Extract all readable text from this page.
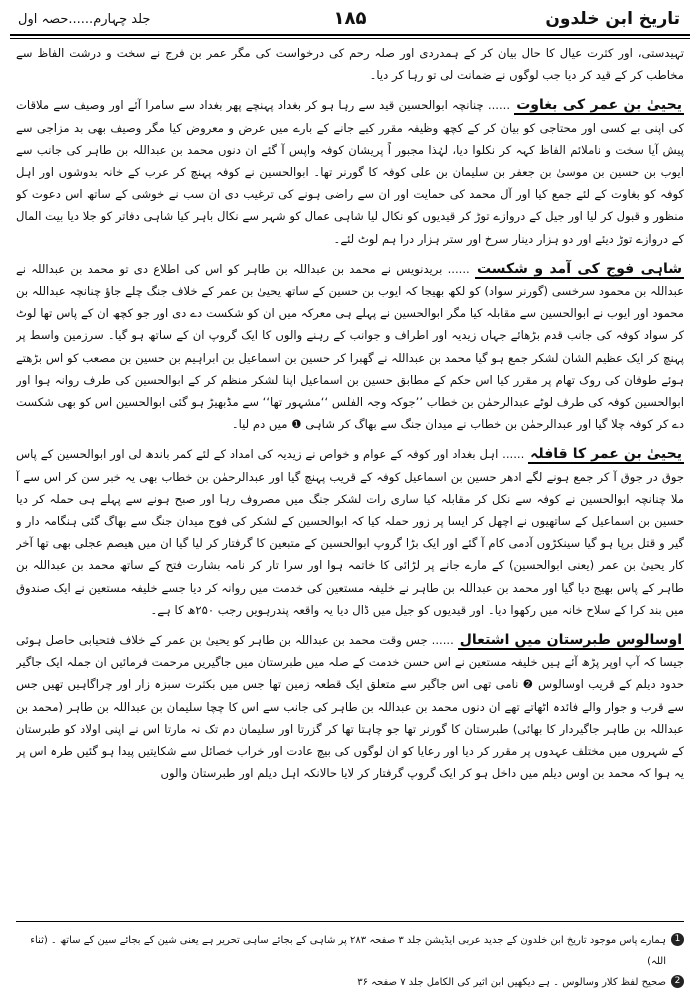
جلد چہارم......حصہ اول	۱۸۵	تاریخ ابن خلدون

تہیدستی، اور کثرت عیال کا حال بیان کر کے ہمدردی اور صلہ رحم کی درخواست کی مگر عمر بن فرج نے سخت و درشت الفاظ سے مخاطب کر کے قید کر دیا جب لوگوں نے ضمانت لی تو رہا کر دیا۔

یحییٰ بن عمر کی بغاوت ...... چنانچہ ابوالحسین قید سے رہا ہو کر بغداد پہنچے پھر بغداد سے سامرا آئے اور وصیف سے ملاقات کی اپنی بے کسی اور محتاجی کو بیان کر کے کچھ وظیفہ مقرر کیے جانے کے بارے میں عرض و معروض کیا مگر وصیف بھی بد مزاجی سے پیش آیا سخت و ناملائم الفاظ کہہ کر نکلوا دیا، لہٰذا مجبور اً پریشان کوفہ واپس آ گئے ان دنوں محمد بن عبداللہ بن طاہر کی جانب سے ایوب بن حسین بن موسیٰ بن جعفر بن سلیمان بن علی کوفہ کا گورنر تھا۔ ابوالحسین نے کوفہ پہنچ کر عرب کے خانہ بدوشوں اور اہل کوفہ کو بغاوت کے لئے جمع کیا اور آل محمد کی حمایت اور ان سے راضی ہونے کی ترغیب دی ان سب نے خوشی کے ساتھ اس دعوت کو منظور و قبول کر لیا اور جیل کے دروازے توڑ کر قیدیوں کو نکال لیا شاہی عمال کو شہر سے نکال باہر کیا شاہی دفاتر کو جلا دیا بیت المال کے دروازے توڑ دیئے اور دو ہزار دینار سرخ اور ستر ہزار درا ہم لوٹ لئے۔

شاہی فوج کی آمد و شکست ...... بریدنویس نے محمد بن عبداللہ بن طاہر کو اس کی اطلاع دی تو محمد بن عبداللہ نے عبداللہ بن محمود سرخسی (گورنر سواد) کو لکھ بھیجا کہ ایوب بن حسین کے ساتھ یحییٰ بن عمر کے خلاف جنگ چلے جاؤ چنانچہ عبداللہ بن محمود اور ایوب نے ابوالحسین سے مقابلہ کیا مگر ابوالحسین نے پہلے ہی معرکہ میں ان کو شکست دے دی اور جو کچھ ان کے پاس تھا لوٹ کر سواد کوفہ کی جانب قدم بڑھائے جہاں زیدیہ اور اطراف و جوانب کے رہنے والوں کا ایک گروپ ان کے ساتھ ہو گیا۔ سرزمین واسط پر پہنچ کر ایک عظیم الشان لشکر جمع ہو گیا محمد بن عبداللہ نے گھبرا کر حسین بن اسماعیل بن ابراہیم بن حسین بن مصعب کو اس بڑھتے ہوئے طوفان کی روک تھام پر مقرر کیا اس حکم کے مطابق حسین بن اسماعیل اپنا لشکر منظم کر کے ابوالحسین کی طرف روانہ ہوا اور ابوالحسین کوفہ کی طرف لوٹے عبدالرحمٰن بن خطاب ’’جوکہ وجہ الفلس ‘‘مشہور تھا‘‘ سے مڈبھیڑ ہو گئی ابوالحسین اس کو بھی شکست دے کر کوفہ چلا گیا اور عبدالرحمٰن بن خطاب نے میدان جنگ سے بھاگ کر شاہی ❶ میں دم لیا۔

یحییٰ بن عمر کا قافلہ ...... اہل بغداد اور کوفہ کے عوام و خواص نے زیدیہ کی امداد کے لئے کمر باندھ لی اور ابوالحسین کے پاس جوق در جوق آ کر جمع ہونے لگے ادھر حسین بن اسماعیل کوفہ کے قریب پہنچ گیا اور عبدالرحمٰن بن خطاب بھی یہ خبر سن کر اس سے آ ملا چنانچہ ابوالحسین نے کوفہ سے نکل کر مقابلہ کیا ساری رات لشکر جنگ میں مصروف رہا اور صبح ہونے سے پہلے ہی حملہ کر دیا حسین بن اسماعیل کے ساتھیوں نے اچھل کر ایسا پر زور حملہ کیا کہ ابوالحسین کے لشکر کی فوج میدان جنگ سے بھاگ گئی ہنگامہ دار و گیر و قتل برپا ہو گیا سینکڑوں آدمی کام آ گئے اور ایک بڑا گروپ ابوالحسین کے متبعین کا گرفتار کر لیا گیا ان میں ھیصم عجلی بھی تھا آخر کار یحییٰ بن عمر (یعنی ابوالحسین) کے مارے جانے پر لڑائی کا خاتمہ ہوا اور سرا تار کر نامہ بشارت فتح کے ساتھ محمد بن عبداللہ بن طاہر کے پاس بھیج دیا گیا اور محمد بن عبداللہ بن طاہر نے خلیفہ مستعین کی خدمت میں روانہ کر دیا جسے خلیفہ مستعین نے ایک صندوق میں بند کرا کے سلاح خانہ میں رکھوا دیا۔ اور قیدیوں کو جیل میں ڈال دیا یہ واقعہ پندرہویں رجب ۲۵۰ھ کا ہے۔

اوسالوس طبرستان میں اشتعال ...... جس وقت محمد بن عبداللہ بن طاہر کو یحییٰ بن عمر کے خلاف فتحیابی حاصل ہوئی جیسا کہ آپ اوپر پڑھ آئے ہیں خلیفہ مستعین نے اس حسن خدمت کے صلہ میں طبرستان میں جاگیریں مرحمت فرمائیں ان جملہ ایک جاگیر حدود دیلم کے قریب اوسالوس ❷ نامی تھی اس جاگیر سے متعلق ایک قطعہ زمین تھا جس میں بکثرت سبزہ زار اور چراگاہیں تھیں جس سے قرب و جوار والے فائدہ اٹھاتے تھے ان دنوں محمد بن عبداللہ بن طاہر کی جانب سے اس کا چچا سلیمان بن عبداللہ بن طاہر (محمد بن عبداللہ بن طاہر جاگیردار کا بھائی) طبرستان کا گورنر تھا جو چاہتا تھا کر گزرتا اور سلیمان دم تک نہ مارتا اس نے اپنی اولاد کو طبرستان کے شہروں میں مختلف عہدوں پر مقرر کر دیا اور رعایا کو ان لوگوں کی بیچ عادت اور خراب خصائل سے شکایتیں پیدا ہو گئیں طرہ اس پر یہ ہوا کہ محمد بن اوس دیلم میں داخل ہو کر ایک گروپ گرفتار کر لایا حالانکہ اہل دیلم اور طبرستان والوں

1
ہمارے پاس موجود تاریخ ابن خلدون کے جدید عربی ایڈیشن جلد ۳ صفحہ ۲۸۳ پر شاہی کے بجائے ساہی تحریر ہے یعنی شین کے بجائے سین کے ساتھ ۔ (ثناء اللہ)
2
صحیح لفظ کلار وسالوس ۔ ہے دیکھیں ابن اثیر کی الکامل جلد ۷ صفحہ ۳۶
